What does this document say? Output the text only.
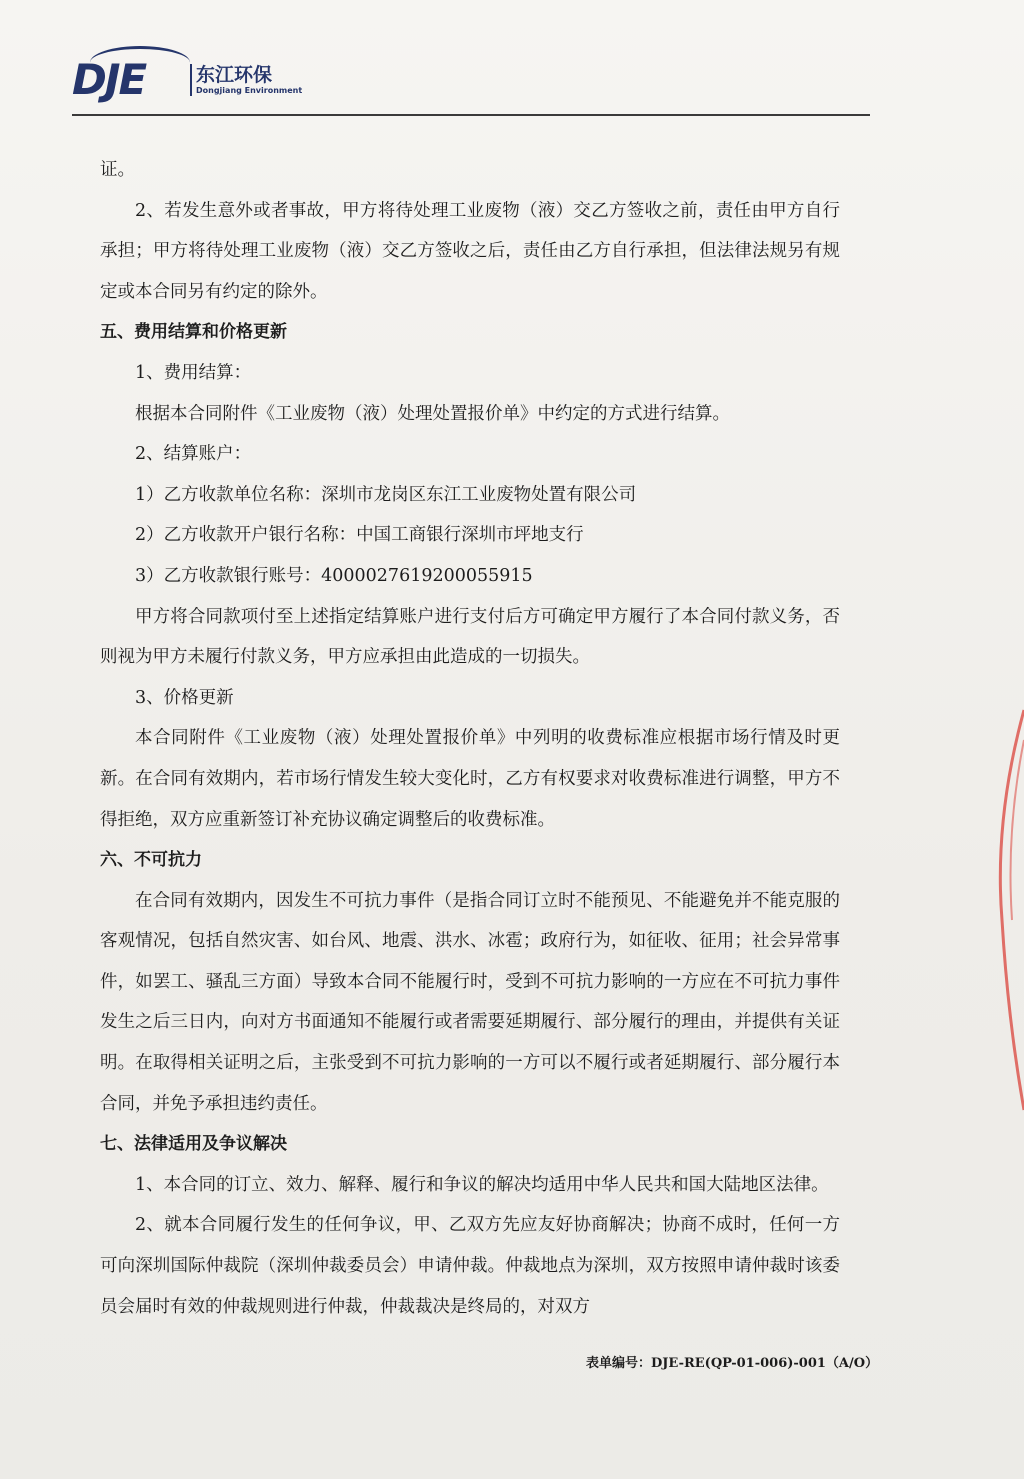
DJE	东江环保
Dongjiang Environment

证。

2、若发生意外或者事故，甲方将待处理工业废物（液）交乙方签收之前，责任由甲方自行承担；甲方将待处理工业废物（液）交乙方签收之后，责任由乙方自行承担，但法律法规另有规定或本合同另有约定的除外。

五、费用结算和价格更新

1、费用结算：

根据本合同附件《工业废物（液）处理处置报价单》中约定的方式进行结算。

2、结算账户：

1）乙方收款单位名称：深圳市龙岗区东江工业废物处置有限公司

2）乙方收款开户银行名称：中国工商银行深圳市坪地支行

3）乙方收款银行账号：4000027619200055915

甲方将合同款项付至上述指定结算账户进行支付后方可确定甲方履行了本合同付款义务，否则视为甲方未履行付款义务，甲方应承担由此造成的一切损失。

3、价格更新

本合同附件《工业废物（液）处理处置报价单》中列明的收费标准应根据市场行情及时更新。在合同有效期内，若市场行情发生较大变化时，乙方有权要求对收费标准进行调整，甲方不得拒绝，双方应重新签订补充协议确定调整后的收费标准。

六、不可抗力

在合同有效期内，因发生不可抗力事件（是指合同订立时不能预见、不能避免并不能克服的客观情况，包括自然灾害、如台风、地震、洪水、冰雹；政府行为，如征收、征用；社会异常事件，如罢工、骚乱三方面）导致本合同不能履行时，受到不可抗力影响的一方应在不可抗力事件发生之后三日内，向对方书面通知不能履行或者需要延期履行、部分履行的理由，并提供有关证明。在取得相关证明之后，主张受到不可抗力影响的一方可以不履行或者延期履行、部分履行本合同，并免予承担违约责任。

七、法律适用及争议解决

1、本合同的订立、效力、解释、履行和争议的解决均适用中华人民共和国大陆地区法律。

2、就本合同履行发生的任何争议，甲、乙双方先应友好协商解决；协商不成时，任何一方可向深圳国际仲裁院（深圳仲裁委员会）申请仲裁。仲裁地点为深圳，双方按照申请仲裁时该委员会届时有效的仲裁规则进行仲裁，仲裁裁决是终局的，对双方

表单编号：DJE-RE(QP-01-006)-001（A/O）
